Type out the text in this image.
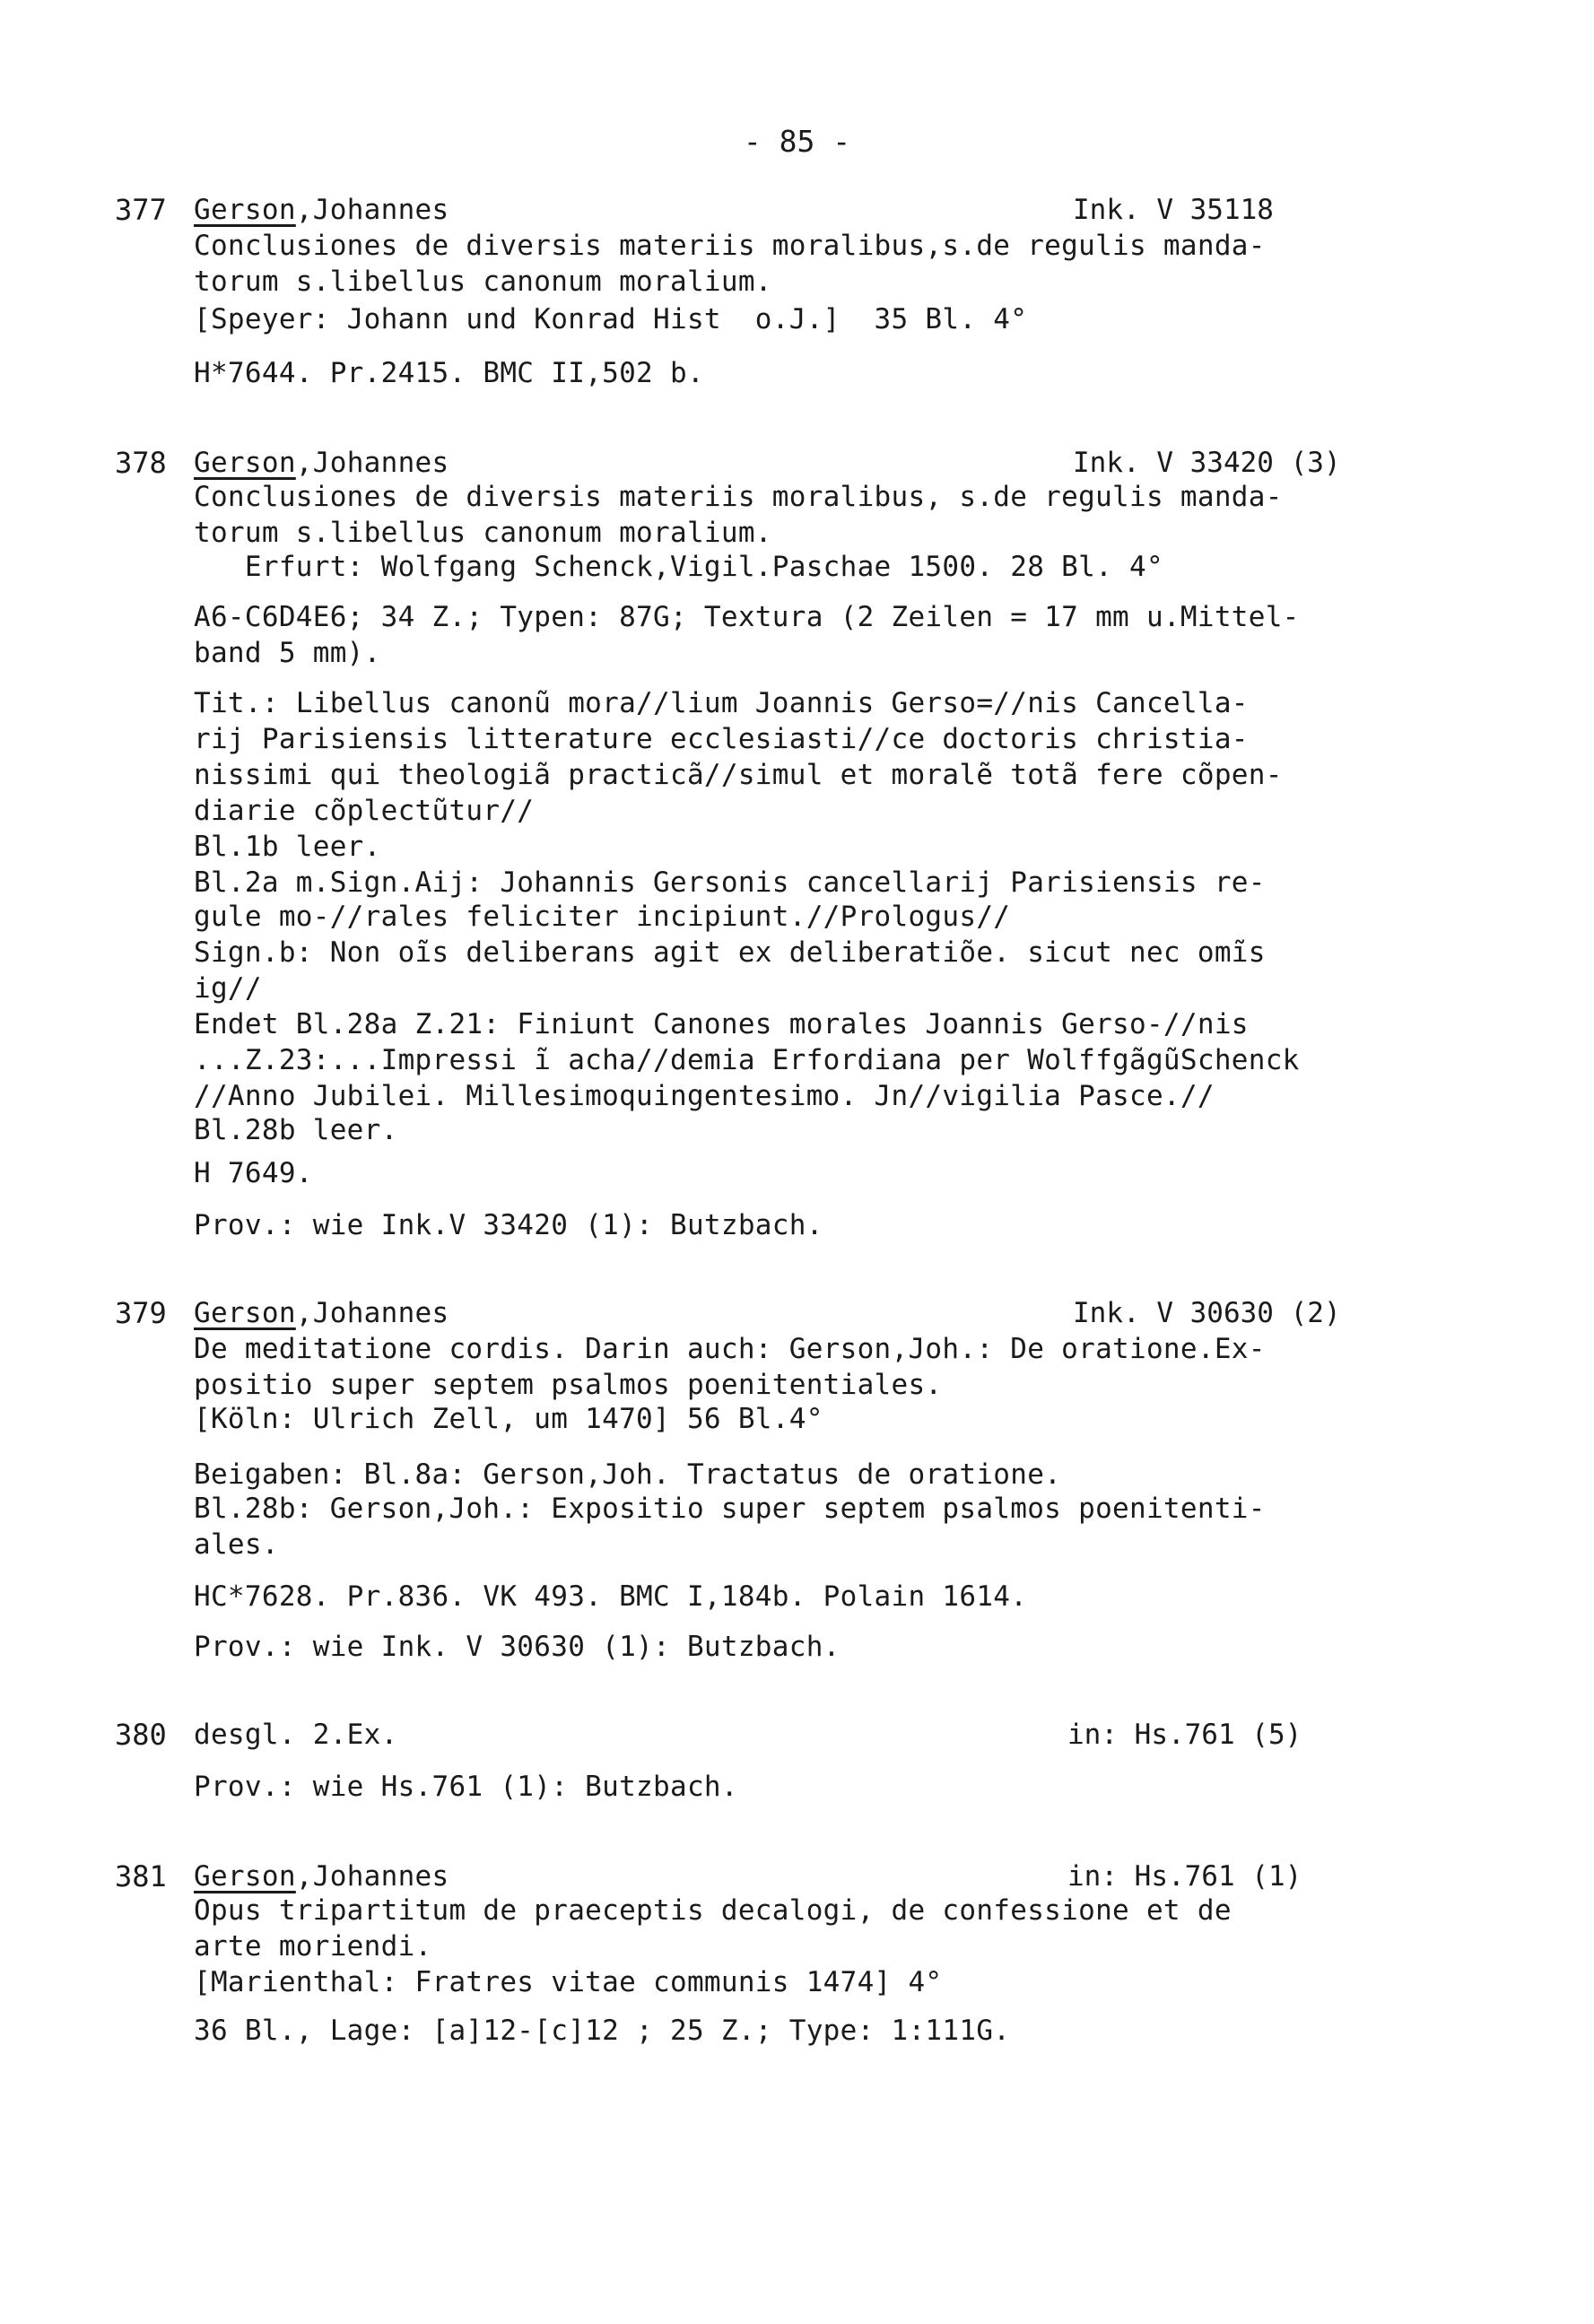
- 85 -
377 Gerson,Johannes	Ink. V 35118
Conclusiones de diversis materiis moralibus,s.de regulis manda-
torum s.libellus canonum moralium.
[Speyer: Johann und Konrad Hist  o.J.]  35 Bl. 4°
H*7644. Pr.2415. BMC II,502 b.
378 Gerson,Johannes	Ink. V 33420 (3)
Conclusiones de diversis materiis moralibus, s.de regulis manda-
torum s.libellus canonum moralium.
Erfurt: Wolfgang Schenck,Vigil.Paschae 1500. 28 Bl. 4°
A6-C6D4E6; 34 Z.; Typen: 87G; Textura (2 Zeilen = 17 mm u.Mittel-
band 5 mm).
Tit.: Libellus canonũ mora//lium Joannis Gerso=//nis Cancella-
rij Parisiensis litterature ecclesiasti//ce doctoris christia-
nissimi qui theologiã practicã//simul et moralẽ totã fere cõpen-
diarie cõplectũtur//
Bl.1b leer.
Bl.2a m.Sign.Aij: Johannis Gersonis cancellarij Parisiensis re-
gule mo-//rales feliciter incipiunt.//Prologus//
Sign.b: Non oĩs deliberans agit ex deliberatiõe. sicut nec omĩs
ig//
Endet Bl.28a Z.21: Finiunt Canones morales Joannis Gerso-//nis
...Z.23:...Impressi ĩ acha//demia Erfordiana per WolffgãgũSchenck
//Anno Jubilei. Millesimoquingentesimo. Jn//vigilia Pasce.//
Bl.28b leer.
H 7649.
Prov.: wie Ink.V 33420 (1): Butzbach.
379 Gerson,Johannes	Ink. V 30630 (2)
De meditatione cordis. Darin auch: Gerson,Joh.: De oratione.Ex-
positio super septem psalmos poenitentiales.
[Köln: Ulrich Zell, um 1470] 56 Bl.4°
Beigaben: Bl.8a: Gerson,Joh. Tractatus de oratione.
Bl.28b: Gerson,Joh.: Expositio super septem psalmos poenitenti-
ales.
HC*7628. Pr.836. VK 493. BMC I,184b. Polain 1614.
Prov.: wie Ink. V 30630 (1): Butzbach.
380 desgl. 2.Ex.	in: Hs.761 (5)
Prov.: wie Hs.761 (1): Butzbach.
381 Gerson,Johannes	in: Hs.761 (1)
Opus tripartitum de praeceptis decalogi, de confessione et de
arte moriendi.
[Marienthal: Fratres vitae communis 1474] 4°
36 Bl., Lage: [a]12-[c]12 ; 25 Z.; Type: 1:111G.
